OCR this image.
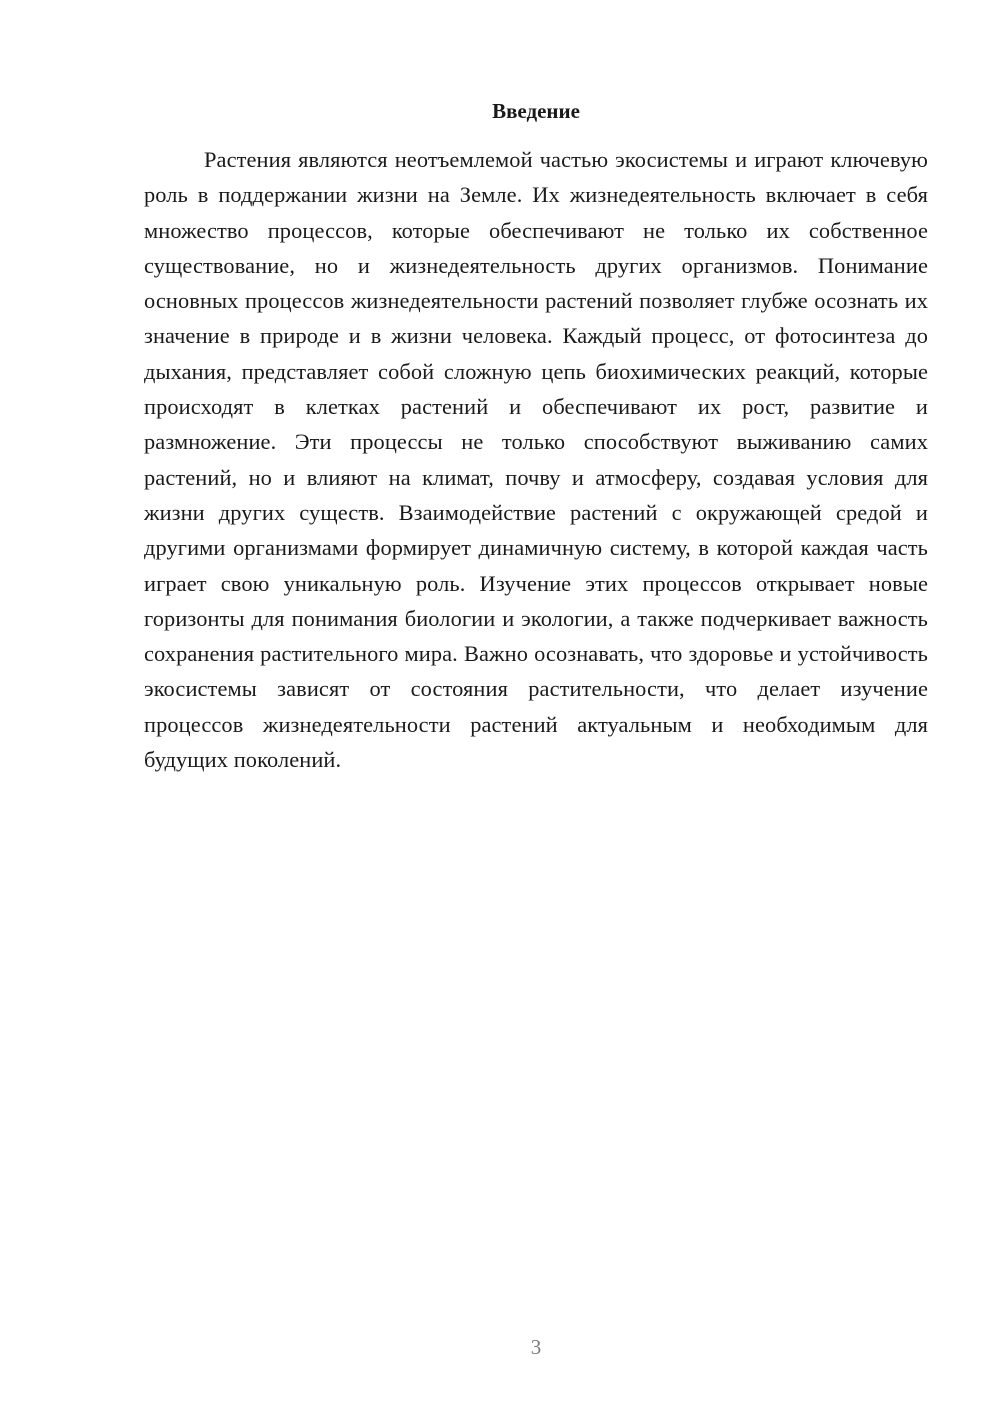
Введение

Растения являются неотъемлемой частью экосистемы и играют ключевую роль в поддержании жизни на Земле. Их жизнедеятельность включает в себя множество процессов, которые обеспечивают не только их собственное существование, но и жизнедеятельность других организмов. Понимание основных процессов жизнедеятельности растений позволяет глубже осознать их значение в природе и в жизни человека. Каждый процесс, от фотосинтеза до дыхания, представляет собой сложную цепь биохимических реакций, которые происходят в клетках растений и обеспечивают их рост, развитие и размножение. Эти процессы не только способствуют выживанию самих растений, но и влияют на климат, почву и атмосферу, создавая условия для жизни других существ. Взаимодействие растений с окружающей средой и другими организмами формирует динамичную систему, в которой каждая часть играет свою уникальную роль. Изучение этих процессов открывает новые горизонты для понимания биологии и экологии, а также подчеркивает важность сохранения растительного мира. Важно осознавать, что здоровье и устойчивость экосистемы зависят от состояния растительности, что делает изучение процессов жизнедеятельности растений актуальным и необходимым для будущих поколений.

3
